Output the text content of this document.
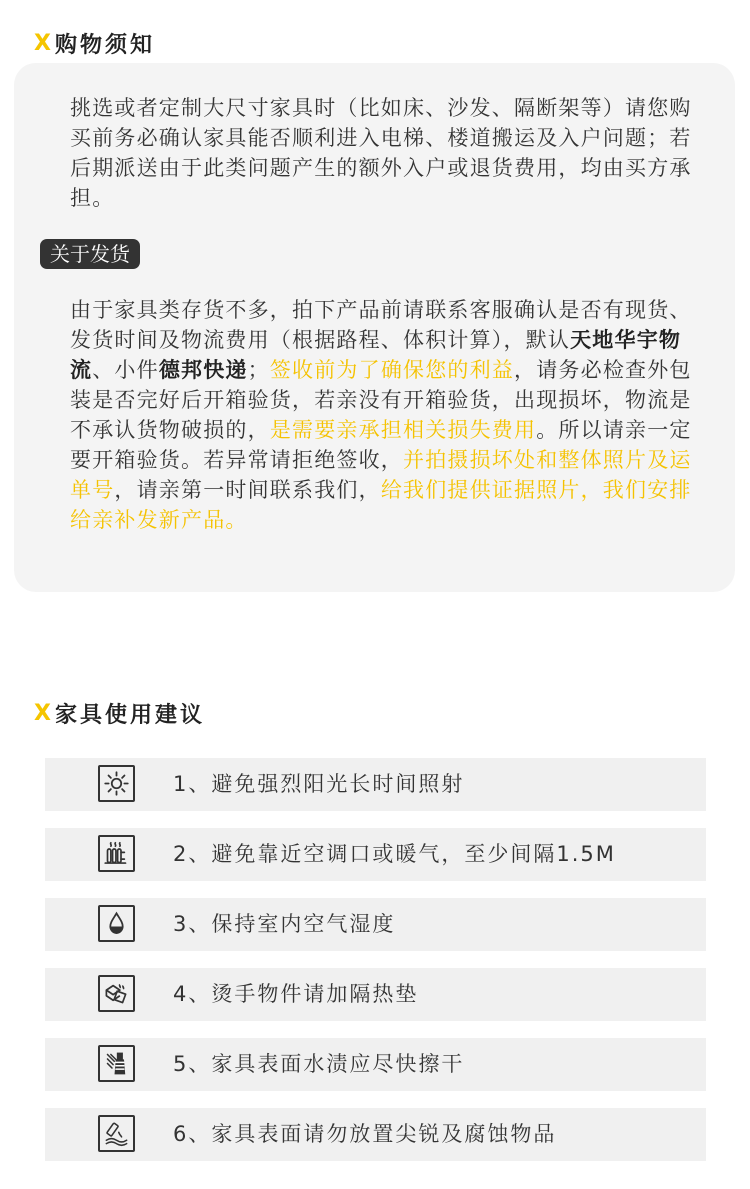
X 购物须知

挑选或者定制大尺寸家具时（比如床、沙发、隔断架等）请您购买前务必确认家具能否顺利进入电梯、楼道搬运及入户问题；若后期派送由于此类问题产生的额外入户或退货费用，均由买方承担。

关于发货

由于家具类存货不多，拍下产品前请联系客服确认是否有现货、发货时间及物流费用（根据路程、体积计算），默认天地华宇物流、小件德邦快递；签收前为了确保您的利益，请务必检查外包装是否完好后开箱验货，若亲没有开箱验货，出现损坏，物流是不承认货物破损的，是需要亲承担相关损失费用。所以请亲一定要开箱验货。若异常请拒绝签收，并拍摄损坏处和整体照片及运单号，请亲第一时间联系我们，给我们提供证据照片，我们安排给亲补发新产品。

X 家具使用建议
1、避免强烈阳光长时间照射
2、避免靠近空调口或暖气，至少间隔1.5M
3、保持室内空气湿度
4、烫手物件请加隔热垫
5、家具表面水渍应尽快擦干
6、家具表面请勿放置尖锐及腐蚀物品
